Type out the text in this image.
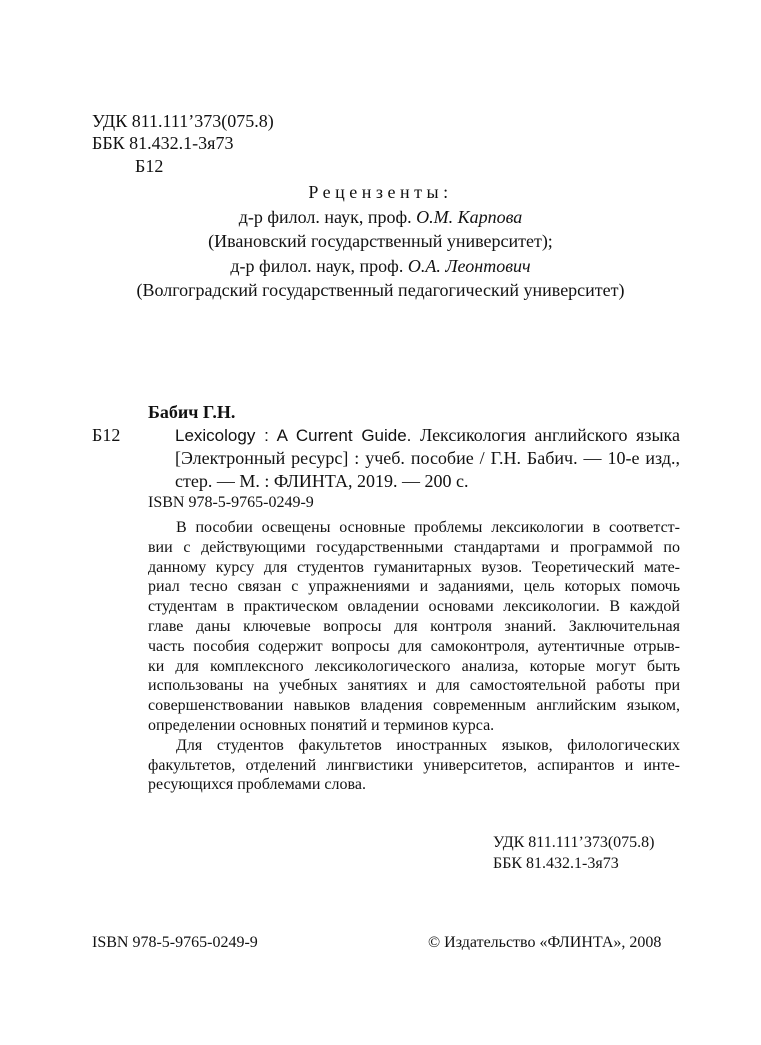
УДК 811.111’373(075.8)
ББК 81.432.1-3я73
Б12
Рецензенты:
д-р филол. наук, проф. О.М. Карпова
(Ивановский государственный университет);
д-р филол. наук, проф. О.А. Леонтович
(Волгоградский государственный педагогический университет)
Бабич Г.Н.
Б12	Lexicology : A Current Guide. Лексикология английского языка
[Электронный ресурс] : учеб. пособие / Г.Н. Бабич. — 10-е изд.,
стер. — М. : ФЛИНТА, 2019. — 200 с.
ISBN 978-5-9765-0249-9
В пособии освещены основные проблемы лексикологии в соответст-
вии с действующими государственными стандартами и программой по
данному курсу для студентов гуманитарных вузов. Теоретический мате-
риал тесно связан с упражнениями и заданиями, цель которых помочь
студентам в практическом овладении основами лексикологии. В каждой
главе даны ключевые вопросы для контроля знаний. Заключительная
часть пособия содержит вопросы для самоконтроля, аутентичные отрыв-
ки для комплексного лексикологического анализа, которые могут быть
использованы на учебных занятиях и для самостоятельной работы при
совершенствовании навыков владения современным английским языком,
определении основных понятий и терминов курса.
Для студентов факультетов иностранных языков, филологических
факультетов, отделений лингвистики университетов, аспирантов и инте-
ресующихся проблемами слова.
УДК 811.111’373(075.8)
ББК 81.432.1-3я73
ISBN 978-5-9765-0249-9	© Издательство «ФЛИНТА», 2008
